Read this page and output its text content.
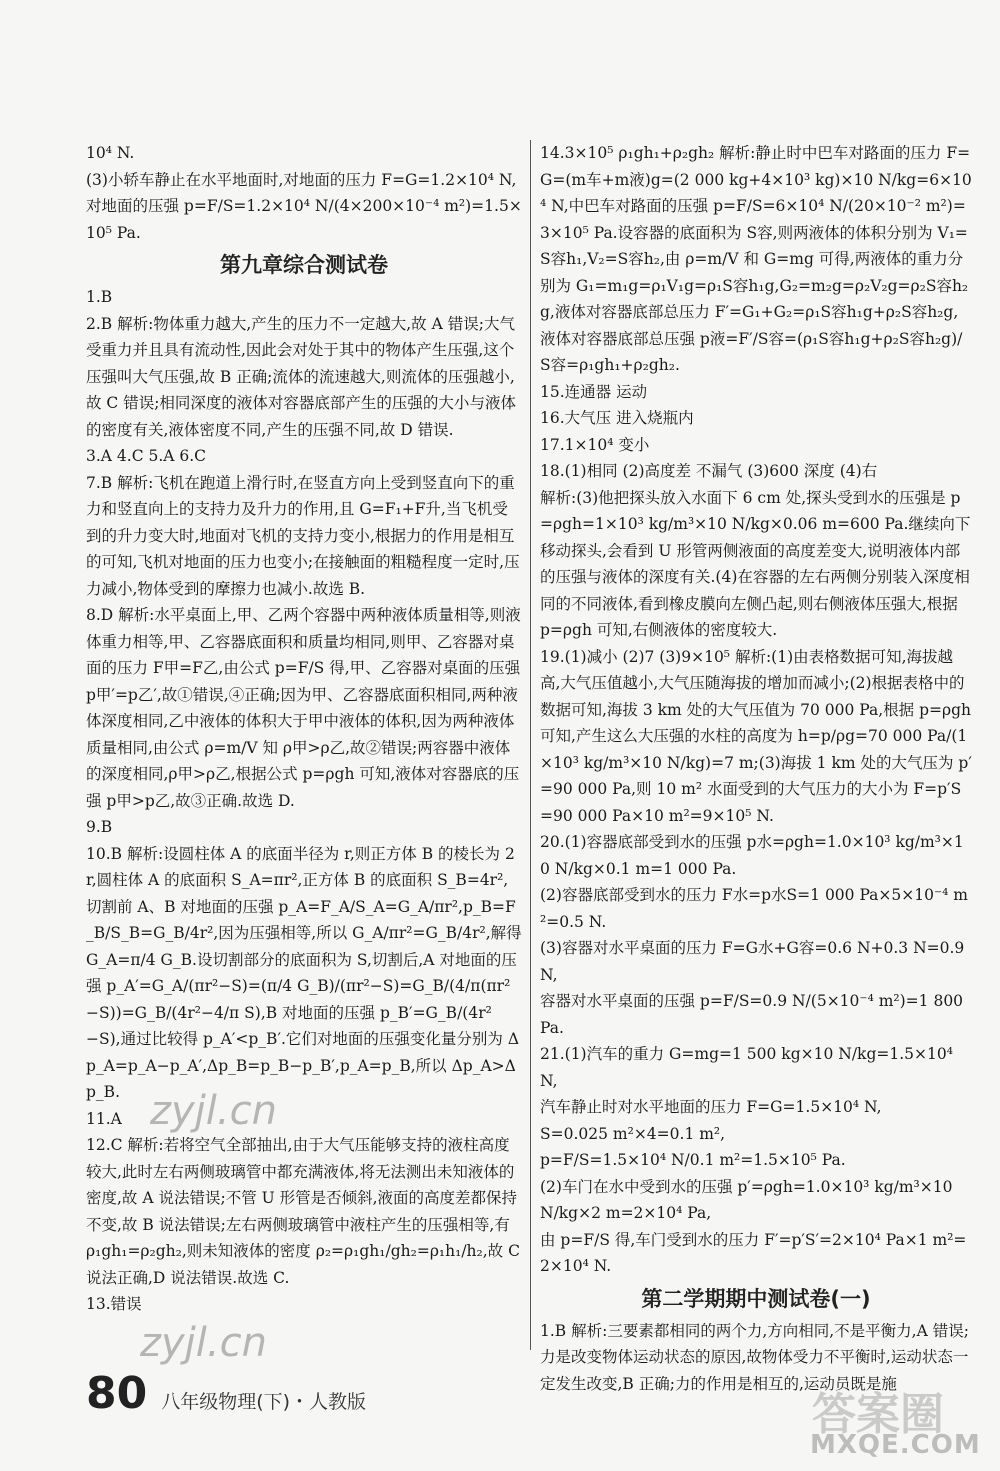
10⁴ N.

(3)小轿车静止在水平地面时,对地面的压力 F=G=1.2×10⁴ N,

对地面的压强 p=F/S=1.2×10⁴ N/(4×200×10⁻⁴ m²)=1.5×10⁵ Pa.

第九章综合测试卷

1.B

2.B 解析:物体重力越大,产生的压力不一定越大,故 A 错误;大气受重力并且具有流动性,因此会对处于其中的物体产生压强,这个压强叫大气压强,故 B 正确;流体的流速越大,则流体的压强越小,故 C 错误;相同深度的液体对容器底部产生的压强的大小与液体的密度有关,液体密度不同,产生的压强不同,故 D 错误.

3.A 4.C 5.A 6.C

7.B 解析:飞机在跑道上滑行时,在竖直方向上受到竖直向下的重力和竖直向上的支持力及升力的作用,且 G=F₁+F升,当飞机受到的升力变大时,地面对飞机的支持力变小,根据力的作用是相互的可知,飞机对地面的压力也变小;在接触面的粗糙程度一定时,压力减小,物体受到的摩擦力也减小.故选 B.

8.D 解析:水平桌面上,甲、乙两个容器中两种液体质量相等,则液体重力相等,甲、乙容器底面积和质量均相同,则甲、乙容器对桌面的压力 F甲=F乙,由公式 p=F/S 得,甲、乙容器对桌面的压强 p甲′=p乙′,故①错误,④正确;因为甲、乙容器底面积相同,两种液体深度相同,乙中液体的体积大于甲中液体的体积,因为两种液体质量相同,由公式 ρ=m/V 知 ρ甲>ρ乙,故②错误;两容器中液体的深度相同,ρ甲>ρ乙,根据公式 p=ρgh 可知,液体对容器底的压强 p甲>p乙,故③正确.故选 D.

9.B

10.B 解析:设圆柱体 A 的底面半径为 r,则正方体 B 的棱长为 2r,圆柱体 A 的底面积 S_A=πr²,正方体 B 的底面积 S_B=4r²,切割前 A、B 对地面的压强 p_A=F_A/S_A=G_A/πr²,p_B=F_B/S_B=G_B/4r²,因为压强相等,所以 G_A/πr²=G_B/4r²,解得 G_A=π/4 G_B.设切割部分的底面积为 S,切割后,A 对地面的压强 p_A′=G_A/(πr²−S)=(π/4 G_B)/(πr²−S)=G_B/(4/π(πr²−S))=G_B/(4r²−4/π S),B 对地面的压强 p_B′=G_B/(4r²−S),通过比较得 p_A′<p_B′.它们对地面的压强变化量分别为 Δp_A=p_A−p_A′,Δp_B=p_B−p_B′,p_A=p_B,所以 Δp_A>Δp_B.

11.A

12.C 解析:若将空气全部抽出,由于大气压能够支持的液柱高度较大,此时左右两侧玻璃管中都充满液体,将无法测出未知液体的密度,故 A 说法错误;不管 U 形管是否倾斜,液面的高度差都保持不变,故 B 说法错误;左右两侧玻璃管中液柱产生的压强相等,有 ρ₁gh₁=ρ₂gh₂,则未知液体的密度 ρ₂=ρ₁gh₁/gh₂=ρ₁h₁/h₂,故 C 说法正确,D 说法错误.故选 C.

13.错误

14.3×10⁵ ρ₁gh₁+ρ₂gh₂ 解析:静止时中巴车对路面的压力 F=G=(m车+m液)g=(2 000 kg+4×10³ kg)×10 N/kg=6×10⁴ N,中巴车对路面的压强 p=F/S=6×10⁴ N/(20×10⁻² m²)=3×10⁵ Pa.设容器的底面积为 S容,则两液体的体积分别为 V₁=S容h₁,V₂=S容h₂,由 ρ=m/V 和 G=mg 可得,两液体的重力分别为 G₁=m₁g=ρ₁V₁g=ρ₁S容h₁g,G₂=m₂g=ρ₂V₂g=ρ₂S容h₂g,液体对容器底部总压力 F′=G₁+G₂=ρ₁S容h₁g+ρ₂S容h₂g,液体对容器底部总压强 p液=F′/S容=(ρ₁S容h₁g+ρ₂S容h₂g)/S容=ρ₁gh₁+ρ₂gh₂.

15.连通器 运动

16.大气压 进入烧瓶内

17.1×10⁴ 变小

18.(1)相同 (2)高度差 不漏气 (3)600 深度 (4)右

解析:(3)他把探头放入水面下 6 cm 处,探头受到水的压强是 p=ρgh=1×10³ kg/m³×10 N/kg×0.06 m=600 Pa.继续向下移动探头,会看到 U 形管两侧液面的高度差变大,说明液体内部的压强与液体的深度有关.(4)在容器的左右两侧分别装入深度相同的不同液体,看到橡皮膜向左侧凸起,则右侧液体压强大,根据 p=ρgh 可知,右侧液体的密度较大.

19.(1)减小 (2)7 (3)9×10⁵ 解析:(1)由表格数据可知,海拔越高,大气压值越小,大气压随海拔的增加而减小;(2)根据表格中的数据可知,海拔 3 km 处的大气压值为 70 000 Pa,根据 p=ρgh 可知,产生这么大压强的水柱的高度为 h=p/ρg=70 000 Pa/(1×10³ kg/m³×10 N/kg)=7 m;(3)海拔 1 km 处的大气压为 p′=90 000 Pa,则 10 m² 水面受到的大气压力的大小为 F=p′S=90 000 Pa×10 m²=9×10⁵ N.

20.(1)容器底部受到水的压强 p水=ρgh=1.0×10³ kg/m³×10 N/kg×0.1 m=1 000 Pa.

(2)容器底部受到水的压力 F水=p水S=1 000 Pa×5×10⁻⁴ m²=0.5 N.

(3)容器对水平桌面的压力 F=G水+G容=0.6 N+0.3 N=0.9 N,

容器对水平桌面的压强 p=F/S=0.9 N/(5×10⁻⁴ m²)=1 800 Pa.

21.(1)汽车的重力 G=mg=1 500 kg×10 N/kg=1.5×10⁴ N,

汽车静止时对水平地面的压力 F=G=1.5×10⁴ N,

S=0.025 m²×4=0.1 m²,

p=F/S=1.5×10⁴ N/0.1 m²=1.5×10⁵ Pa.

(2)车门在水中受到水的压强 p′=ρgh=1.0×10³ kg/m³×10 N/kg×2 m=2×10⁴ Pa,

由 p=F/S 得,车门受到水的压力 F′=p′S′=2×10⁴ Pa×1 m²=2×10⁴ N.

第二学期期中测试卷(一)

1.B 解析:三要素都相同的两个力,方向相同,不是平衡力,A 错误;力是改变物体运动状态的原因,故物体受力不平衡时,运动状态一定发生改变,B 正确;力的作用是相互的,运动员既是施

80 八年级物理(下)・人教版
zyjl.cn
zyjl.cn
答案圈
MXQE.COM
